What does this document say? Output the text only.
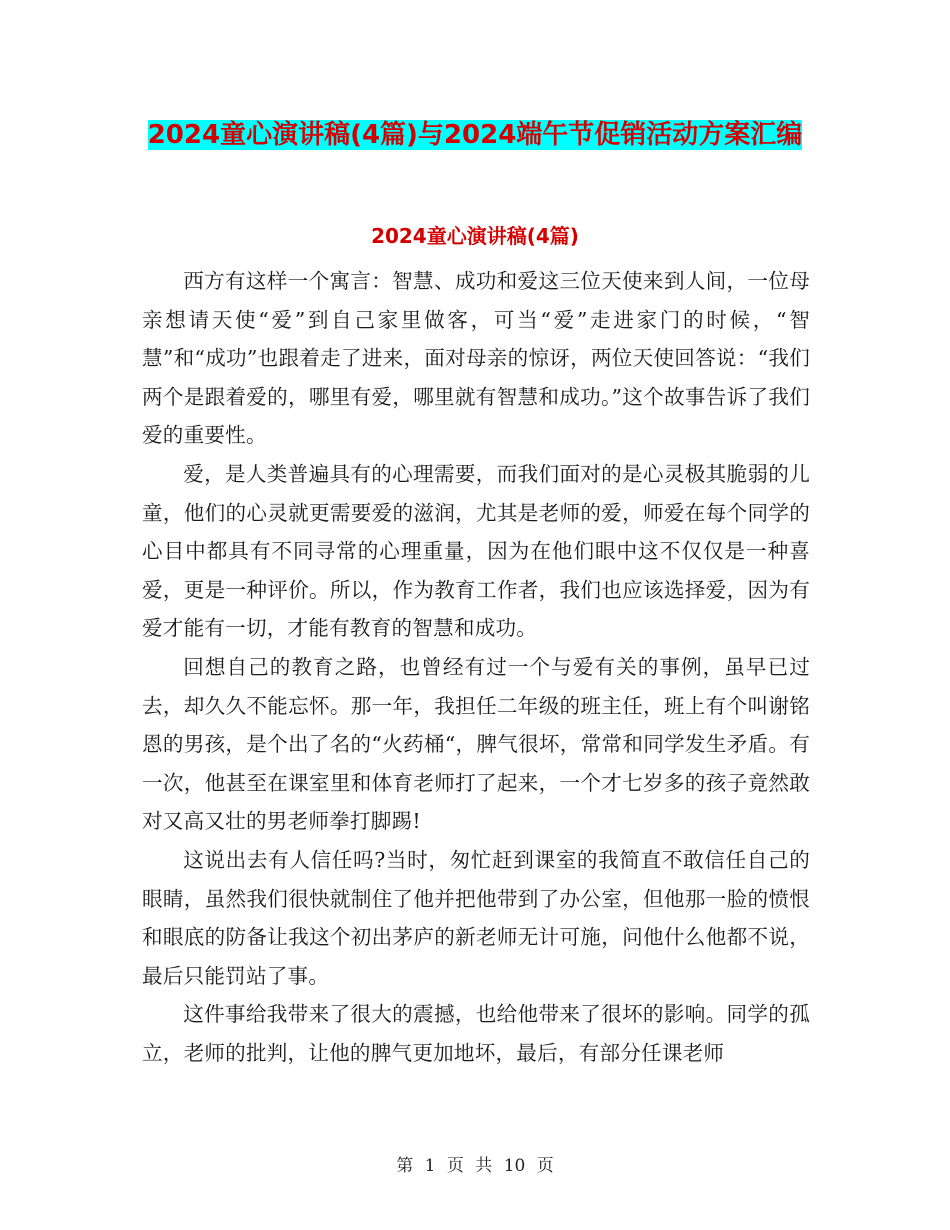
2024童心演讲稿(4篇)与2024端午节促销活动方案汇编
2024童心演讲稿(4篇)

西方有这样一个寓言：智慧、成功和爱这三位天使来到人间，一位母亲想请天使“爱”到自己家里做客，可当“爱”走进家门的时候，“智慧”和“成功”也跟着走了进来，面对母亲的惊讶，两位天使回答说：“我们两个是跟着爱的，哪里有爱，哪里就有智慧和成功。”这个故事告诉了我们爱的重要性。

爱，是人类普遍具有的心理需要，而我们面对的是心灵极其脆弱的儿童，他们的心灵就更需要爱的滋润，尤其是老师的爱，师爱在每个同学的心目中都具有不同寻常的心理重量，因为在他们眼中这不仅仅是一种喜爱，更是一种评价。所以，作为教育工作者，我们也应该选择爱，因为有爱才能有一切，才能有教育的智慧和成功。

回想自己的教育之路，也曾经有过一个与爱有关的事例，虽早已过去，却久久不能忘怀。那一年，我担任二年级的班主任，班上有个叫谢铭恩的男孩，是个出了名的“火药桶“，脾气很坏，常常和同学发生矛盾。有一次，他甚至在课室里和体育老师打了起来，一个才七岁多的孩子竟然敢对又高又壮的男老师拳打脚踢!

这说出去有人信任吗?当时，匆忙赶到课室的我简直不敢信任自己的眼睛，虽然我们很快就制住了他并把他带到了办公室，但他那一脸的愤恨和眼底的防备让我这个初出茅庐的新老师无计可施，问他什么他都不说，最后只能罚站了事。

这件事给我带来了很大的震撼，也给他带来了很坏的影响。同学的孤立，老师的批判，让他的脾气更加地坏，最后，有部分任课老师

第 1 页 共 10 页
